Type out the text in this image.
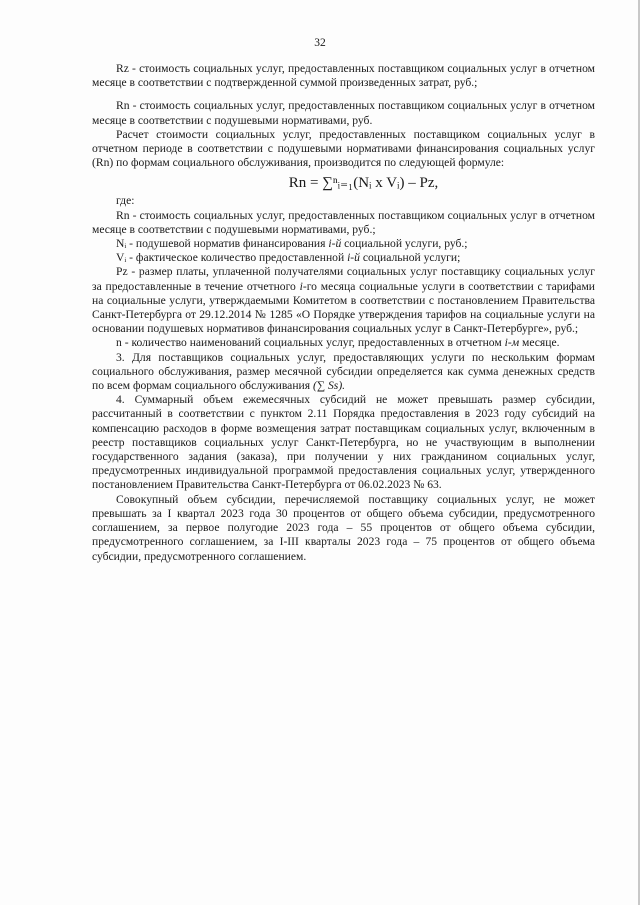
32

Rz - стоимость социальных услуг, предоставленных поставщиком социальных услуг в отчетном месяце в соответствии с подтвержденной суммой произведенных затрат, руб.;

Rn - стоимость социальных услуг, предоставленных поставщиком социальных услуг в отчетном месяце в соответствии с подушевыми нормативами, руб.

Расчет стоимости социальных услуг, предоставленных поставщиком социальных услуг в отчетном периоде в соответствии с подушевыми нормативами финансирования социальных услуг (Rn) по формам социального обслуживания, производится по следующей формуле:

Rn = ∑ⁿᵢ₌₁(Nᵢ x Vᵢ) – Pz,

где:

Rn - стоимость социальных услуг, предоставленных поставщиком социальных услуг в отчетном месяце в соответствии с подушевыми нормативами, руб.;

Nᵢ - подушевой норматив финансирования i-й социальной услуги, руб.;

Vᵢ - фактическое количество предоставленной i-й социальной услуги;

Pz - размер платы, уплаченной получателями социальных услуг поставщику социальных услуг за предоставленные в течение отчетного i-го месяца социальные услуги в соответствии с тарифами на социальные услуги, утверждаемыми Комитетом в соответствии с постановлением Правительства Санкт-Петербурга от 29.12.2014 № 1285 «О Порядке утверждения тарифов на социальные услуги на основании подушевых нормативов финансирования социальных услуг в Санкт-Петербурге», руб.;

n - количество наименований социальных услуг, предоставленных в отчетном i-м месяце.

3. Для поставщиков социальных услуг, предоставляющих услуги по нескольким формам социального обслуживания, размер месячной субсидии определяется как сумма денежных средств по всем формам социального обслуживания (∑ Ss).

4. Суммарный объем ежемесячных субсидий не может превышать размер субсидии, рассчитанный в соответствии с пунктом 2.11 Порядка предоставления в 2023 году субсидий на компенсацию расходов в форме возмещения затрат поставщикам социальных услуг, включенным в реестр поставщиков социальных услуг Санкт-Петербурга, но не участвующим в выполнении государственного задания (заказа), при получении у них гражданином социальных услуг, предусмотренных индивидуальной программой предоставления социальных услуг, утвержденного постановлением Правительства Санкт-Петербурга от 06.02.2023 № 63.

Совокупный объем субсидии, перечисляемой поставщику социальных услуг, не может превышать за I квартал 2023 года 30 процентов от общего объема субсидии, предусмотренного соглашением, за первое полугодие 2023 года – 55 процентов от общего объема субсидии, предусмотренного соглашением, за I-III кварталы 2023 года – 75 процентов от общего объема субсидии, предусмотренного соглашением.
